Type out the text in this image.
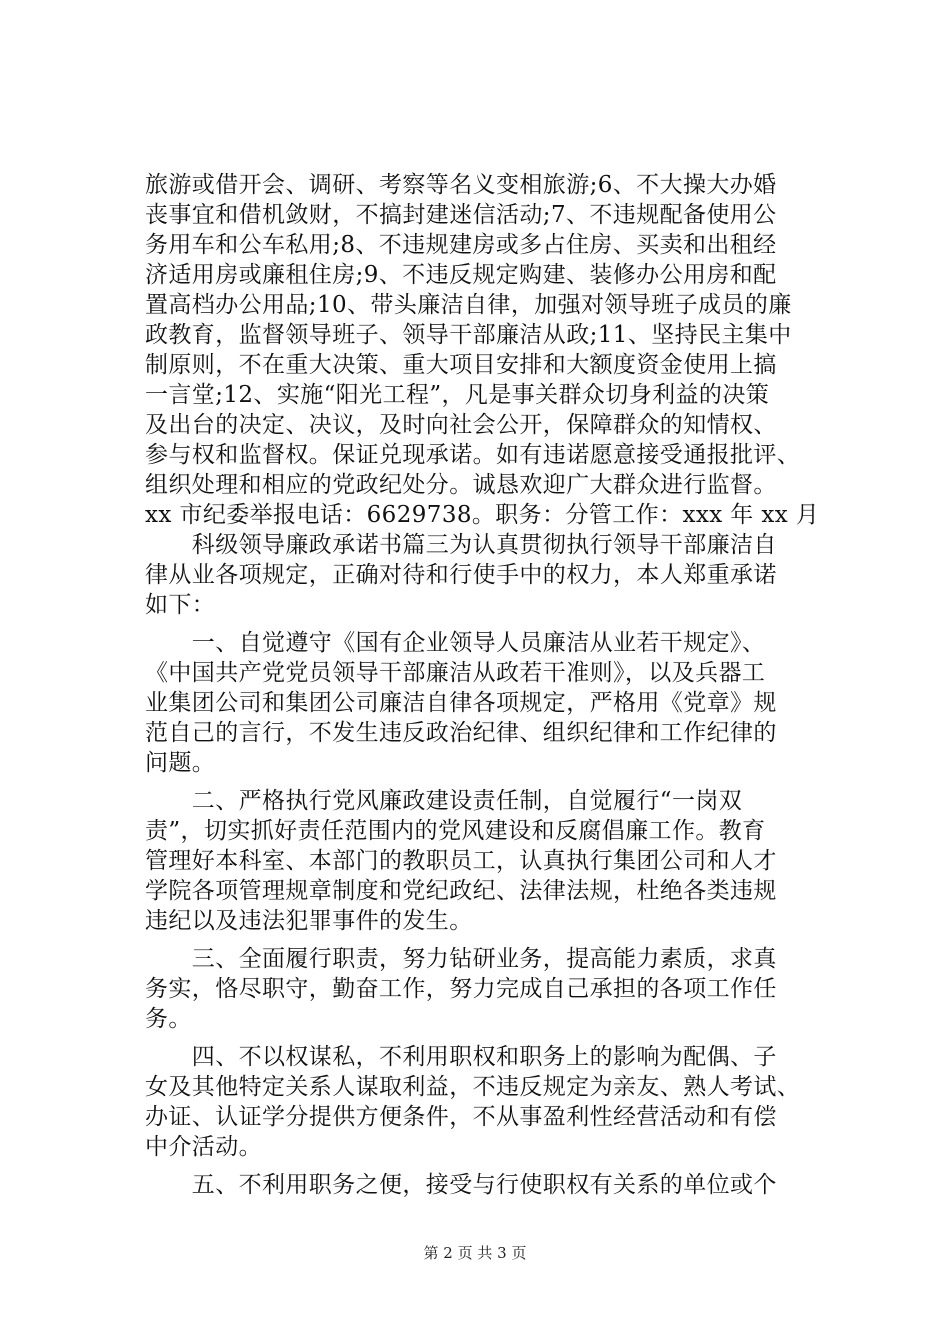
旅游或借开会、调研、考察等名义变相旅游;6、不大操大办婚
丧事宜和借机敛财，不搞封建迷信活动;7、不违规配备使用公
务用车和公车私用;8、不违规建房或多占住房、买卖和出租经
济适用房或廉租住房;9、不违反规定购建、装修办公用房和配
置高档办公用品;10、带头廉洁自律，加强对领导班子成员的廉
政教育，监督领导班子、领导干部廉洁从政;11、坚持民主集中
制原则，不在重大决策、重大项目安排和大额度资金使用上搞
一言堂;12、实施“阳光工程”，凡是事关群众切身利益的决策
及出台的决定、决议，及时向社会公开，保障群众的知情权、
参与权和监督权。保证兑现承诺。如有违诺愿意接受通报批评、
组织处理和相应的党政纪处分。诚恳欢迎广大群众进行监督。
xx 市纪委举报电话：6629738。职务：分管工作：xxx 年 xx 月
　　科级领导廉政承诺书篇三为认真贯彻执行领导干部廉洁自
律从业各项规定，正确对待和行使手中的权力，本人郑重承诺
如下：
　　一、自觉遵守《国有企业领导人员廉洁从业若干规定》、
《中国共产党党员领导干部廉洁从政若干准则》，以及兵器工
业集团公司和集团公司廉洁自律各项规定，严格用《党章》规
范自己的言行，不发生违反政治纪律、组织纪律和工作纪律的
问题。
　　二、严格执行党风廉政建设责任制，自觉履行“一岗双
责”，切实抓好责任范围内的党风建设和反腐倡廉工作。教育
管理好本科室、本部门的教职员工，认真执行集团公司和人才
学院各项管理规章制度和党纪政纪、法律法规，杜绝各类违规
违纪以及违法犯罪事件的发生。
　　三、全面履行职责，努力钻研业务，提高能力素质，求真
务实，恪尽职守，勤奋工作，努力完成自己承担的各项工作任
务。
　　四、不以权谋私，不利用职权和职务上的影响为配偶、子
女及其他特定关系人谋取利益，不违反规定为亲友、熟人考试、
办证、认证学分提供方便条件，不从事盈利性经营活动和有偿
中介活动。
　　五、不利用职务之便，接受与行使职权有关系的单位或个
第 2 页 共 3 页
